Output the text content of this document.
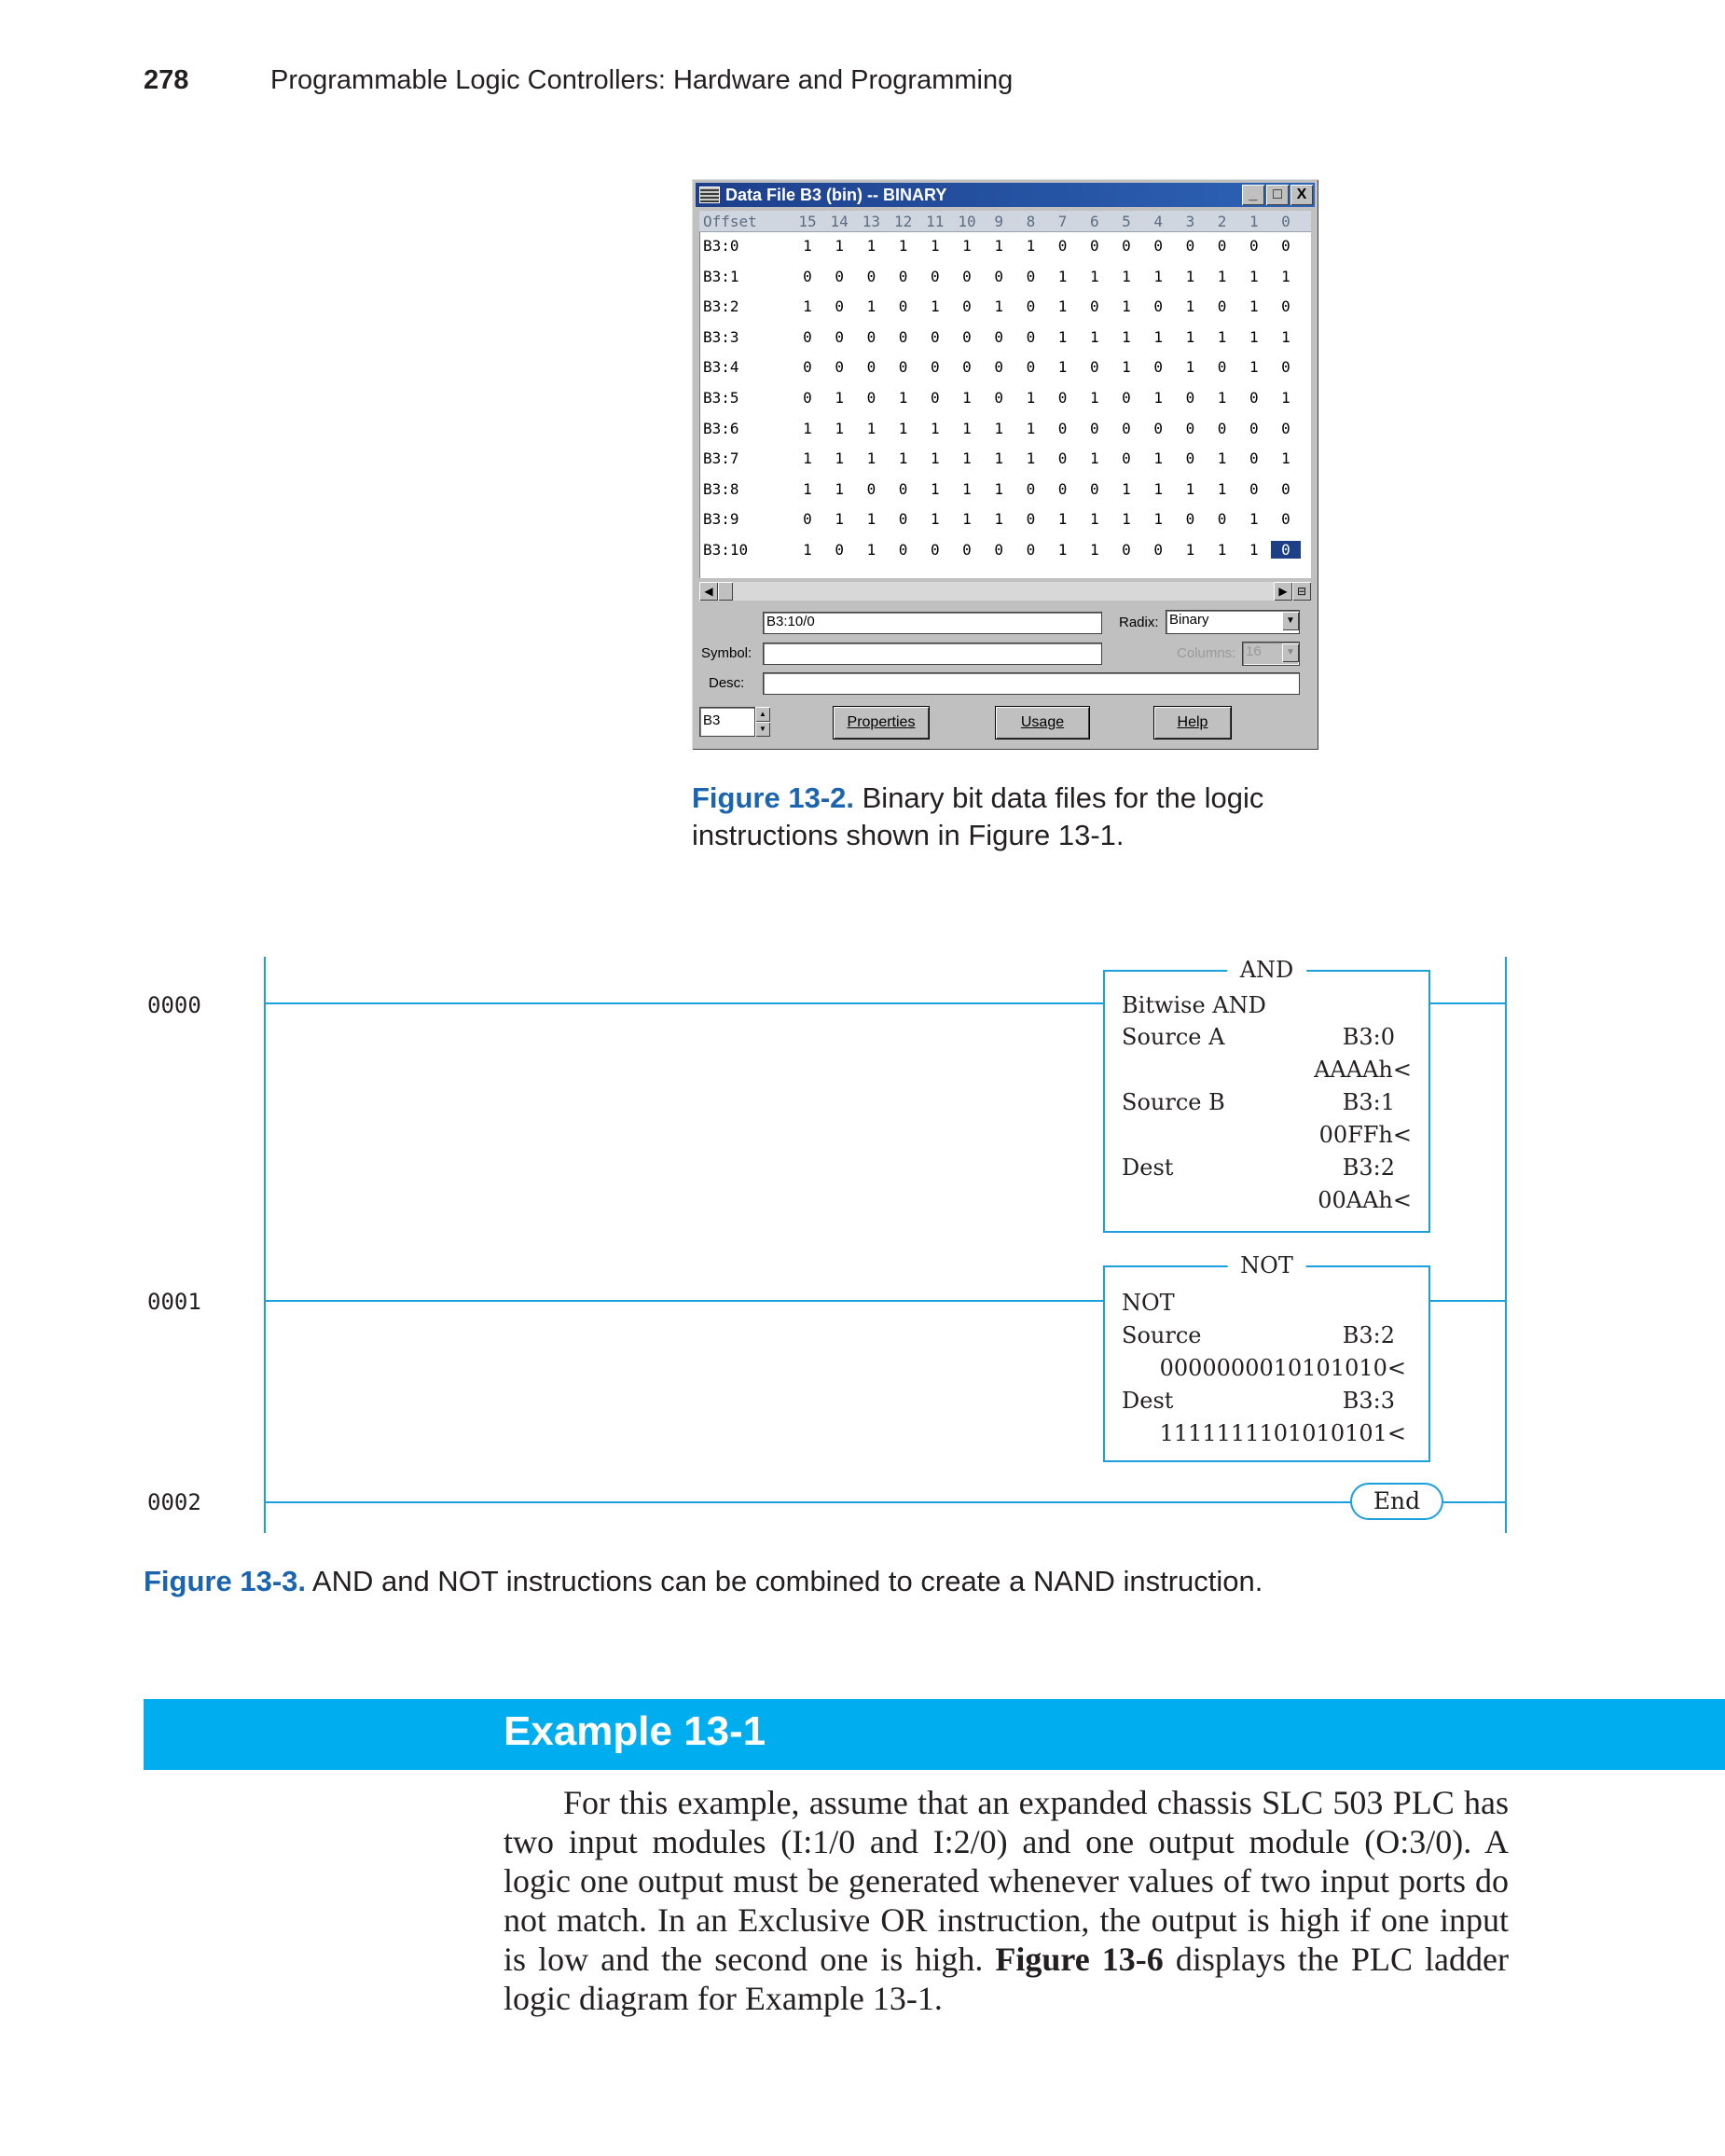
278	Programmable Logic Controllers: Hardware and Programming
Data File B3 (bin) -- BINARY	_	□ X
Offset	15 14 13 12 11 10	9	8	7	6	5	4	3	2	1	0
B3:0	1	1	1	1	1	1	1	1	0	0	0	0	0	0	0	0
B3:1	0	0	0	0	0	0	0	0	1	1	1	1	1	1	1	1
B3:2	1	0	1	0	1	0	1	0	1	0	1	0	1	0	1	0
B3:3	0	0	0	0	0	0	0	0	1	1	1	1	1	1	1	1
B3:4	0	0	0	0	0	0	0	0	1	0	1	0	1	0	1	0
B3:5	0	1	0	1	0	1	0	1	0	1	0	1	0	1	0	1
B3:6	1	1	1	1	1	1	1	1	0	0	0	0	0	0	0	0
B3:7	1	1	1	1	1	1	1	1	0	1	0	1	0	1	0	1
B3:8	1	1	0	0	1	1	1	0	0	0	1	1	1	1	0	0
B3:9	0	1	1	0	1	1	1	0	1	1	1	1	0	0	1	0
B3:10	1	0	1	0	0	0	0	0	1	1	0	0	1	1	1	0
◀	▶ ⊟
B3:10/0	Radix: Binary	▼
Symbol:	Columns: 16	▼
Desc:
B3	▲
▼	Properties	Usage	Help
Figure 13-2. Binary bit data files for the logic instructions shown in Figure 13-1.
0000
0001
0002
AND
Bitwise AND
Source A	B3:0
AAAAh<
Source B	B3:1
00FFh<
Dest	B3:2
00AAh<
NOT
NOT
Source	B3:2
0000000010101010<
Dest	B3:3
1111111101010101<
End
Figure 13-3. AND and NOT instructions can be combined to create a NAND instruction.
Example 13-1

For this example, assume that an expanded chassis SLC 503 PLC has two input modules (I:1/0 and I:2/0) and one output module (O:3/0). A logic one output must be generated whenever values of two input ports do not match. In an Exclusive OR instruction, the output is high if one input is low and the second one is high. Figure 13-6 displays the PLC ladder logic diagram for Example 13-1.
